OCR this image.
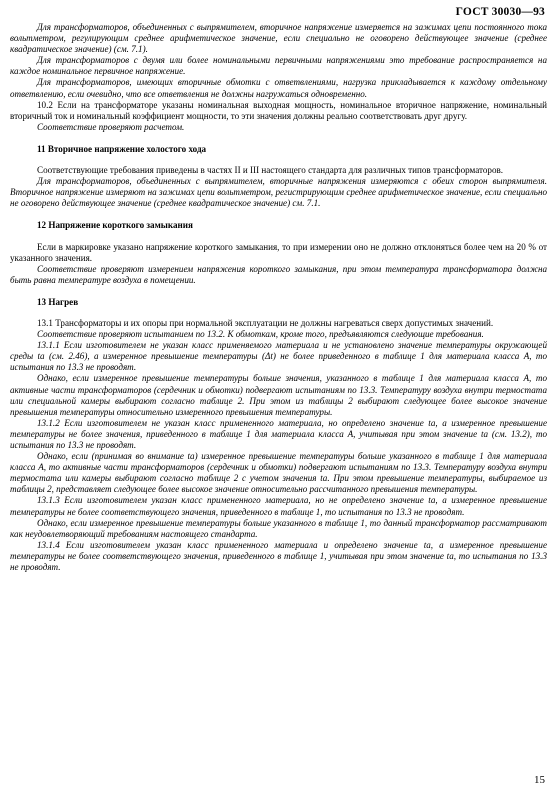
ГОСТ 30030—93

Для трансформаторов, объединенных с выпрямителем, вторичное напряжение измеряется на зажимах цепи постоянного тока вольтметром, регулирующим среднее арифметическое значение, если специально не оговорено действующее значение (среднее квадратическое значение) (см. 7.1).

Для трансформаторов с двумя или более номинальными первичными напряжениями это требование распространяется на каждое номинальное первичное напряжение.

Для трансформаторов, имеющих вторичные обмотки с ответвлениями, нагрузка прикладывается к каждому отдельному ответвлению, если очевидно, что все ответвления не должны нагружаться одновременно.

10.2 Если на трансформаторе указаны номинальная выходная мощность, номинальное вторичное напряжение, номинальный вторичный ток и номинальный коэффициент мощности, то эти значения должны реально соответствовать друг другу.

Соответствие проверяют расчетом.

11 Вторичное напряжение холостого хода

Соответствующие требования приведены в частях II и III настоящего стандарта для различных типов трансформаторов.

Для трансформаторов, объединенных с выпрямителем, вторичные напряжения измеряются с обеих сторон выпрямителя. Вторичное напряжение измеряют на зажимах цепи вольтметром, регистрирующим среднее арифметическое значение, если специально не оговорено действующее значение (среднее квадратическое значение) см. 7.1.

12 Напряжение короткого замыкания

Если в маркировке указано напряжение короткого замыкания, то при измерении оно не должно отклоняться более чем на 20 % от указанного значения.

Соответствие проверяют измерением напряжения короткого замыкания, при этом температура трансформатора должна быть равна температуре воздуха в помещении.

13 Нагрев

13.1 Трансформаторы и их опоры при нормальной эксплуатации не должны нагреваться сверх допустимых значений.

Соответствие проверяют испытанием по 13.2. К обмоткам, кроме того, предъявляются следующие требования.

13.1.1 Если изготовителем не указан класс применяемого материала и не установлено значение температуры окружающей среды ta (см. 2.46), а измеренное превышение температуры (Δt) не более приведенного в таблице 1 для материала класса А, то испытания по 13.3 не проводят.

Однако, если измеренное превышение температуры больше значения, указанного в таблице 1 для материала класса А, то активные части трансформаторов (сердечник и обмотки) подвергают испытаниям по 13.3. Температуру воздуха внутри термостата или специальной камеры выбирают согласно таблице 2. При этом из таблицы 2 выбирают следующее более высокое значение превышения температуры относительно измеренного превышения температуры.

13.1.2 Если изготовителем не указан класс примененного материала, но определено значение ta, а измеренное превышение температуры не более значения, приведенного в таблице 1 для материала класса А, учитывая при этом значение ta (см. 13.2), то испытания по 13.3 не проводят.

Однако, если (принимая во внимание ta) измеренное превышение температуры больше указанного в таблице 1 для материала класса А, то активные части трансформаторов (сердечник и обмотки) подвергают испытаниям по 13.3. Температуру воздуха внутри термостата или камеры выбирают согласно таблице 2 с учетом значения ta. При этом превышение температуры, выбираемое из таблицы 2, представляет следующее более высокое значение относительно рассчитанного превышения температуры.

13.1.3 Если изготовителем указан класс примененного материала, но не определено значение ta, а измеренное превышение температуры не более соответствующего значения, приведенного в таблице 1, то испытания по 13.3 не проводят.

Однако, если измеренное превышение температуры больше указанного в таблице 1, то данный трансформатор рассматривают как неудовлетворяющий требованиям настоящего стандарта.

13.1.4 Если изготовителем указан класс примененного материала и определено значение ta, а измеренное превышение температуры не более соответствующего значения, приведенного в таблице 1, учитывая при этом значение ta, то испытания по 13.3 не проводят.

15
